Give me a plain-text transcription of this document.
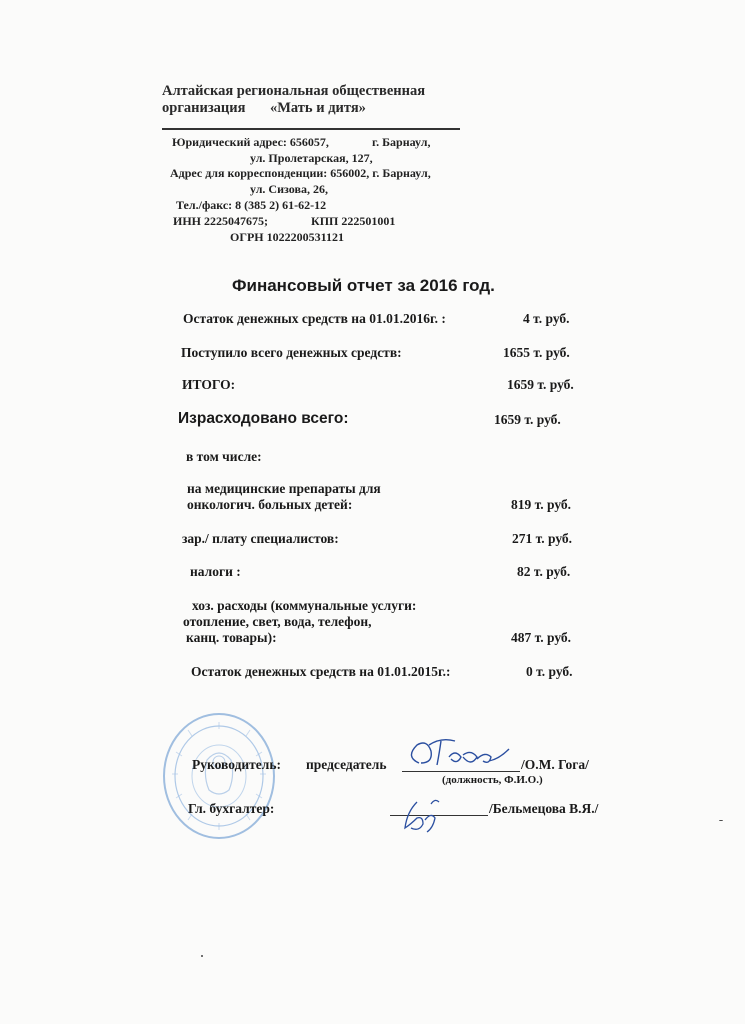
Алтайская региональная общественная
организация «Мать и дитя»
Юридический адрес: 656057,	г. Барнаул,
ул. Пролетарская, 127,
Адрес для корреспонденции: 656002, г. Барнаул,
ул. Сизова, 26,
Тел./факс: 8 (385 2) 61-62-12
ИНН 2225047675;	КПП 222501001
ОГРН 1022200531121
Финансовый отчет за 2016 год.
Остаток денежных средств на 01.01.2016г. :	4 т. руб.
Поступило всего денежных средств:	1655 т. руб.
ИТОГО:	1659 т. руб.
Израсходовано всего:	1659 т. руб.
в том числе:
на медицинские препараты для
онкологич. больных детей:	819 т. руб.
зар./ плату специалистов:	271 т. руб.
налоги :	82 т. руб.
хоз. расходы (коммунальные услуги:
отопление, свет, вода, телефон,
канц. товары):	487 т. руб.
Остаток денежных средств на 01.01.2015г.:	0 т. руб.
Руководитель: председатель	/О.М. Гога/
(должность, Ф.И.О.)
Гл. бухгалтер:	/Бельмецова В.Я./
